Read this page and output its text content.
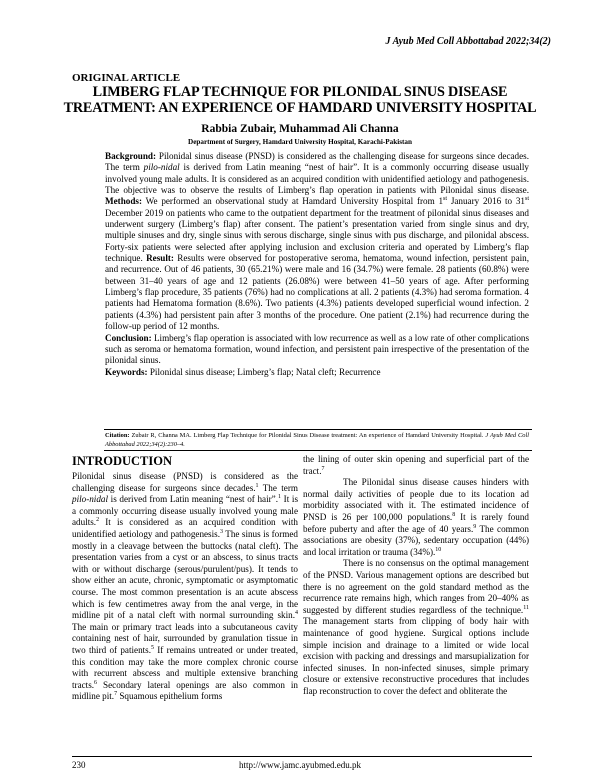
J Ayub Med Coll Abbottabad 2022;34(2)
ORIGINAL ARTICLE
LIMBERG FLAP TECHNIQUE FOR PILONIDAL SINUS DISEASE
TREATMENT: AN EXPERIENCE OF HAMDARD UNIVERSITY HOSPITAL
Rabbia Zubair, Muhammad Ali Channa
Department of Surgery, Hamdard University Hospital, Karachi-Pakistan

Background: Pilonidal sinus disease (PNSD) is considered as the challenging disease for surgeons since decades. The term pilo-nidal is derived from Latin meaning “nest of hair”. It is a commonly occurring disease usually involved young male adults. It is considered as an acquired condition with unidentified aetiology and pathogenesis. The objective was to observe the results of Limberg’s flap operation in patients with Pilonidal sinus disease. Methods: We performed an observational study at Hamdard University Hospital from 1st January 2016 to 31st December 2019 on patients who came to the outpatient department for the treatment of pilonidal sinus diseases and underwent surgery (Limberg’s flap) after consent. The patient’s presentation varied from single sinus and dry, multiple sinuses and dry, single sinus with serous discharge, single sinus with pus discharge, and pilonidal abscess. Forty-six patients were selected after applying inclusion and exclusion criteria and operated by Limberg’s flap technique. Result: Results were observed for postoperative seroma, hematoma, wound infection, persistent pain, and recurrence. Out of 46 patients, 30 (65.21%) were male and 16 (34.7%) were female. 28 patients (60.8%) were between 31–40 years of age and 12 patients (26.08%) were between 41–50 years of age. After performing Limberg’s flap procedure, 35 patients (76%) had no complications at all. 2 patients (4.3%) had seroma formation. 4 patients had Hematoma formation (8.6%). Two patients (4.3%) patients developed superficial wound infection. 2 patients (4.3%) had persistent pain after 3 months of the procedure. One patient (2.1%) had recurrence during the follow-up period of 12 months.

Conclusion: Limberg’s flap operation is associated with low recurrence as well as a low rate of other complications such as seroma or hematoma formation, wound infection, and persistent pain irrespective of the presentation of the pilonidal sinus.

Keywords: Pilonidal sinus disease; Limberg’s flap; Natal cleft; Recurrence

Citation: Zubair R, Channa MA. Limberg Flap Technique for Pilonidal Sinus Disease treatment: An experience of Hamdard University Hospital. J Ayub Med Coll Abbottabad 2022;34(2):230–4.
INTRODUCTION

Pilonidal sinus disease (PNSD) is considered as the challenging disease for surgeons since decades.$^1$ The term pilo-nidal is derived from Latin meaning “nest of hair”.$^1$ It is a commonly occurring disease usually involved young male adults.$^2$ It is considered as an acquired condition with unidentified aetiology and pathogenesis.$^3$ The sinus is formed mostly in a cleavage between the buttocks (natal cleft). The presentation varies from a cyst or an abscess, to sinus tracts with or without discharge (serous/purulent/pus). It tends to show either an acute, chronic, symptomatic or asymptomatic course. The most common presentation is an acute abscess which is few centimetres away from the anal verge, in the midline pit of a natal cleft with normal surrounding skin.$^4$ The main or primary tract leads into a subcutaneous cavity containing nest of hair, surrounded by granulation tissue in two third of patients.$^5$ If remains untreated or under treated, this condition may take the more complex chronic course with recurrent abscess and multiple extensive branching tracts.$^6$ Secondary lateral openings are also common in midline pit.$^7$ Squamous epithelium forms

the lining of outer skin opening and superficial part of the tract.$^7$

The Pilonidal sinus disease causes hinders with normal daily activities of people due to its location ad morbidity associated with it. The estimated incidence of PNSD is 26 per 100,000 populations.$^8$ It is rarely found before puberty and after the age of 40 years.$^9$ The common associations are obesity (37%), sedentary occupation (44%) and local irritation or trauma (34%).$^{10}$

There is no consensus on the optimal management of the PNSD. Various management options are described but there is no agreement on the gold standard method as the recurrence rate remains high, which ranges from 20–40% as suggested by different studies regardless of the technique.$^{11}$ The management starts from clipping of body hair with maintenance of good hygiene. Surgical options include simple incision and drainage to a limited or wide local excision with packing and dressings and marsupialization for infected sinuses. In non-infected sinuses, simple primary closure or extensive reconstructive procedures that includes flap reconstruction to cover the defect and obliterate the

230	http://www.jamc.ayubmed.edu.pk
